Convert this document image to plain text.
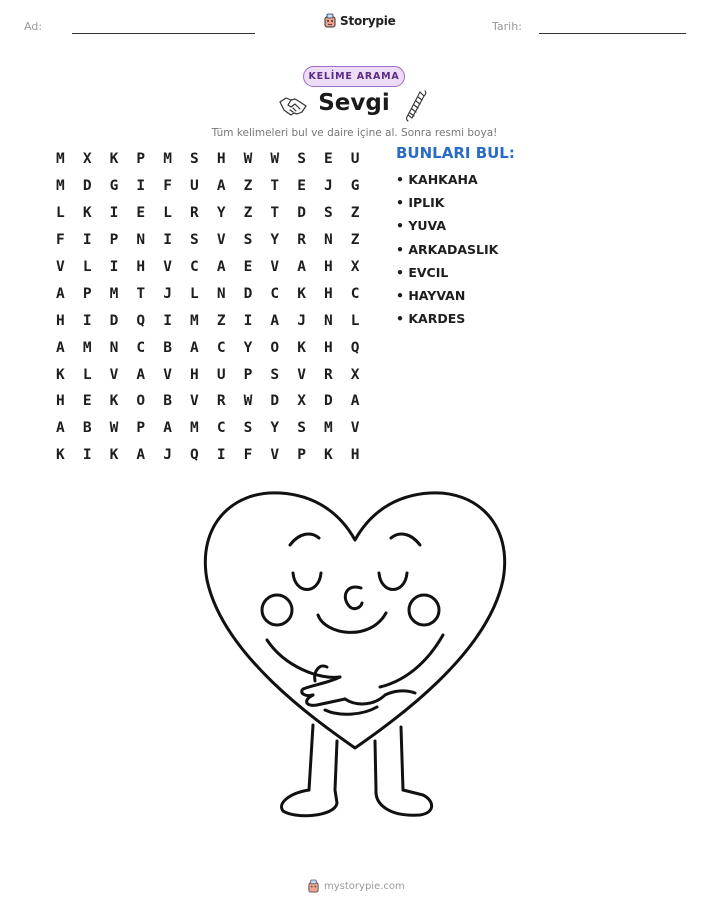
Ad:	Storypie	Tarih:
KELİME ARAMA
Sevgi
Tüm kelimeleri bul ve daire içine al. Sonra resmi boya!
M	X	K	P	M	S	H	W	W	S	E	U
M	D	G	I	F	U	A	Z	T	E	J	G
L	K	I	E	L	R	Y	Z	T	D	S	Z
F	I	P	N	I	S	V	S	Y	R	N	Z
V	L	I	H	V	C	A	E	V	A	H	X
A	P	M	T	J	L	N	D	C	K	H	C
H	I	D	Q	I	M	Z	I	A	J	N	L
A	M	N	C	B	A	C	Y	O	K	H	Q
K	L	V	A	V	H	U	P	S	V	R	X
H	E	K	O	B	V	R	W	D	X	D	A
A	B	W	P	A	M	C	S	Y	S	M	V
K	I	K	A	J	Q	I	F	V	P	K	H
BUNLARI BUL:
• KAHKAHA
• IPLIK
• YUVA
• ARKADASLIK
• EVCIL
• HAYVAN
• KARDES
mystorypie.com
